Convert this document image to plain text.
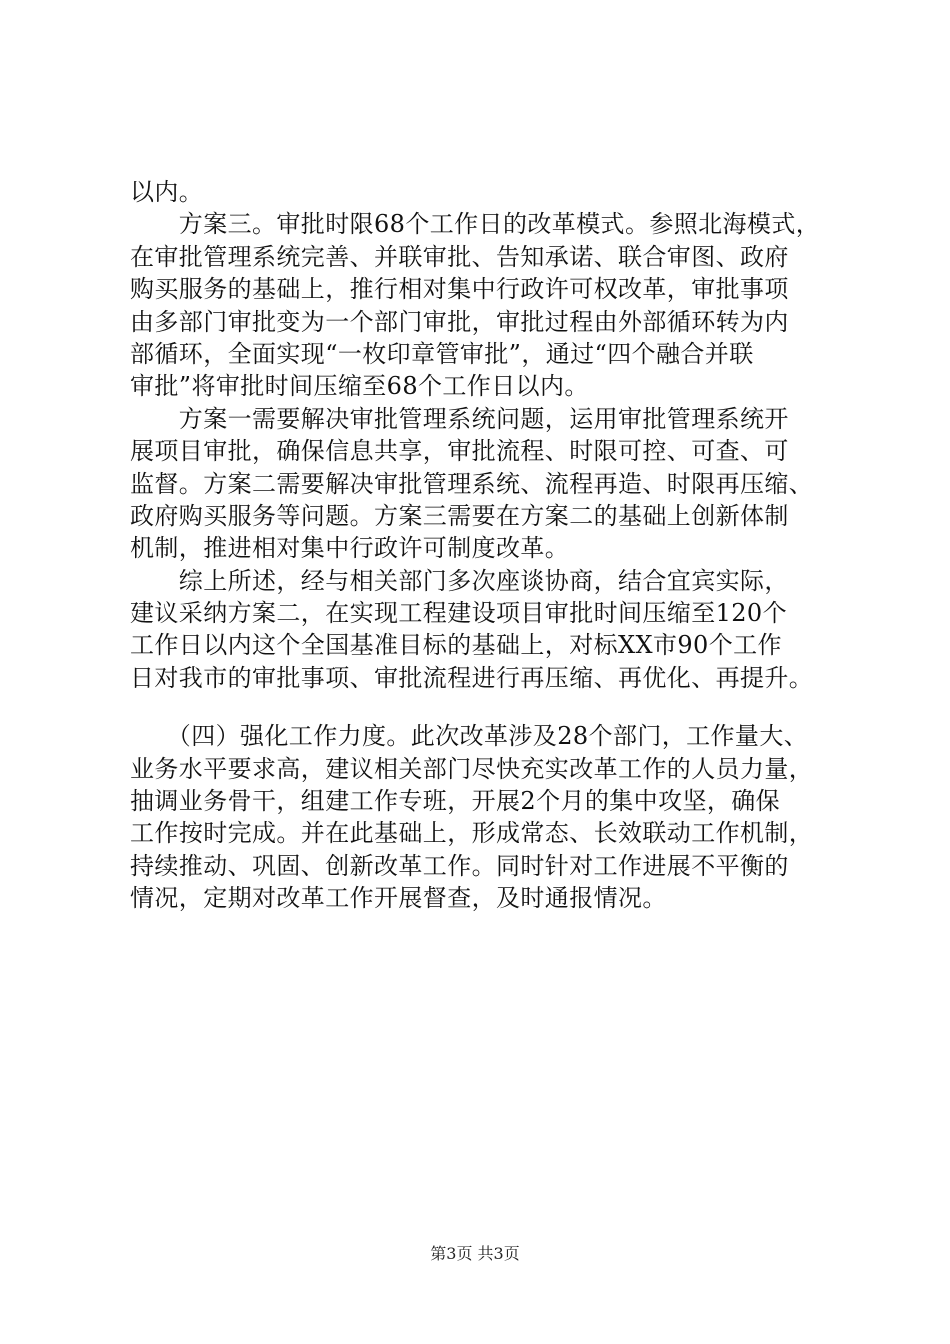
以内。
　　方案三。审批时限68个工作日的改革模式。参照北海模式，
在审批管理系统完善、并联审批、告知承诺、联合审图、政府
购买服务的基础上，推行相对集中行政许可权改革，审批事项
由多部门审批变为一个部门审批，审批过程由外部循环转为内
部循环，全面实现“一枚印章管审批”，通过“四个融合并联
审批”将审批时间压缩至68个工作日以内。
　　方案一需要解决审批管理系统问题，运用审批管理系统开
展项目审批，确保信息共享，审批流程、时限可控、可查、可
监督。方案二需要解决审批管理系统、流程再造、时限再压缩、
政府购买服务等问题。方案三需要在方案二的基础上创新体制
机制，推进相对集中行政许可制度改革。
　　综上所述，经与相关部门多次座谈协商，结合宜宾实际，
建议采纳方案二，在实现工程建设项目审批时间压缩至120个
工作日以内这个全国基准目标的基础上，对标XX市90个工作
日对我市的审批事项、审批流程进行再压缩、再优化、再提升。
　　（四）强化工作力度。此次改革涉及28个部门，工作量大、
业务水平要求高，建议相关部门尽快充实改革工作的人员力量，
抽调业务骨干，组建工作专班，开展2个月的集中攻坚，确保
工作按时完成。并在此基础上，形成常态、长效联动工作机制，
持续推动、巩固、创新改革工作。同时针对工作进展不平衡的
情况，定期对改革工作开展督查，及时通报情况。
第3页 共3页
